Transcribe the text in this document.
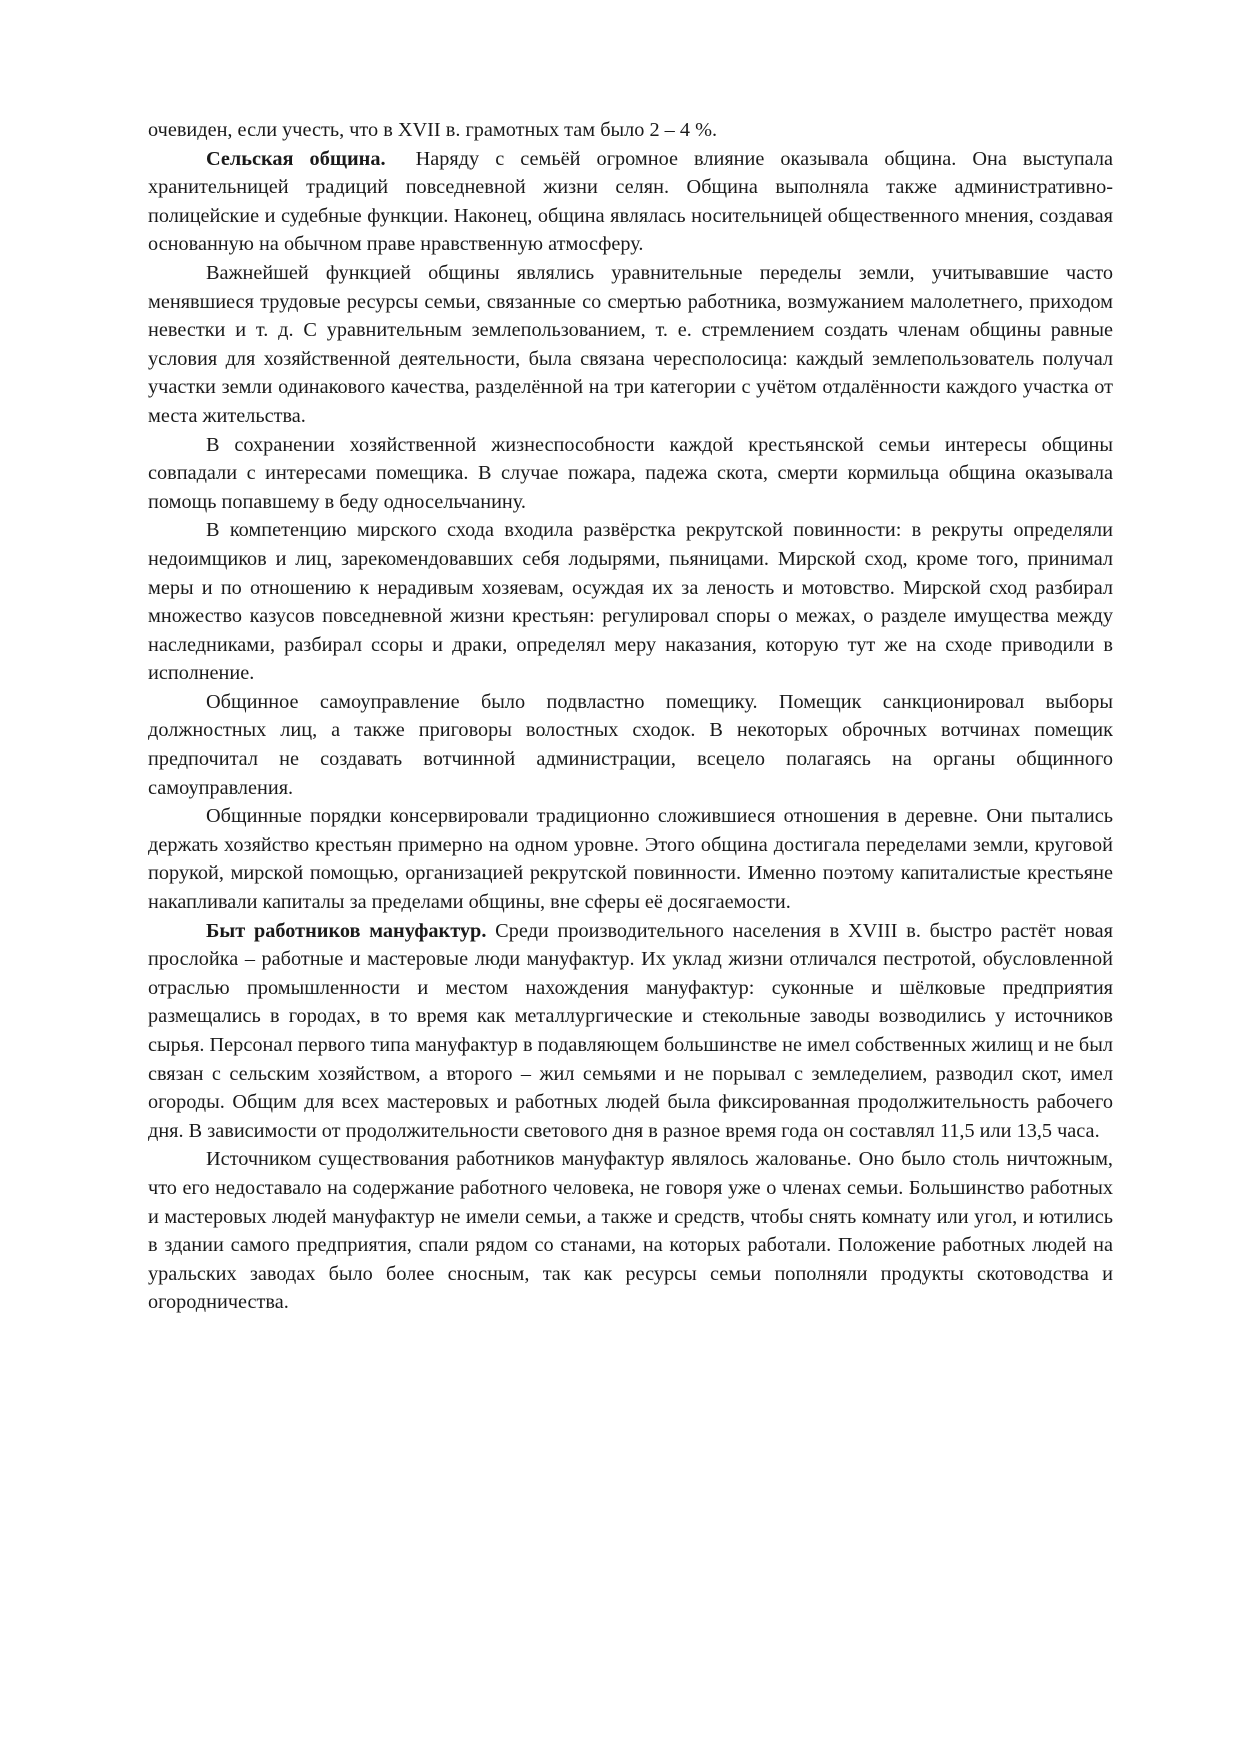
очевиден, если учесть, что в XVII в. грамотных там было 2 – 4 %.

Сельская община. Наряду с семьёй огромное влияние оказывала община. Она выступала хранительницей традиций повседневной жизни селян. Община выполняла также административно-полицейские и судебные функции. Наконец, община являлась носительницей общественного мнения, создавая основанную на обычном праве нравственную атмосферу.

Важнейшей функцией общины являлись уравнительные переделы земли, учитывавшие часто менявшиеся трудовые ресурсы семьи, связанные со смертью работника, возмужанием малолетнего, приходом невестки и т. д. С уравнительным землепользованием, т. е. стремлением создать членам общины равные условия для хозяйственной деятельности, была связана чересполосица: каждый землепользователь получал участки земли одинакового качества, разделённой на три категории с учётом отдалённости каждого участка от места жительства.

В сохранении хозяйственной жизнеспособности каждой крестьянской семьи интересы общины совпадали с интересами помещика. В случае пожара, падежа скота, смерти кормильца община оказывала помощь попавшему в беду односельчанину.

В компетенцию мирского схода входила развёрстка рекрутской повинности: в рекруты определяли недоимщиков и лиц, зарекомендовавших себя лодырями, пьяницами. Мирской сход, кроме того, принимал меры и по отношению к нерадивым хозяевам, осуждая их за леность и мотовство. Мирской сход разбирал множество казусов повседневной жизни крестьян: регулировал споры о межах, о разделе имущества между наследниками, разбирал ссоры и драки, определял меру наказания, которую тут же на сходе приводили в исполнение.

Общинное самоуправление было подвластно помещику. Помещик санкционировал выборы должностных лиц, а также приговоры волостных сходок. В некоторых оброчных вотчинах помещик предпочитал не создавать вотчинной администрации, всецело полагаясь на органы общинного самоуправления.

Общинные порядки консервировали традиционно сложившиеся отношения в деревне. Они пытались держать хозяйство крестьян примерно на одном уровне. Этого община достигала переделами земли, круговой порукой, мирской помощью, организацией рекрутской повинности. Именно поэтому капиталистые крестьяне накапливали капиталы за пределами общины, вне сферы её досягаемости.

Быт работников мануфактур. Среди производительного населения в XVIII в. быстро растёт новая прослойка – работные и мастеровые люди мануфактур. Их уклад жизни отличался пестротой, обусловленной отраслью промышленности и местом нахождения мануфактур: суконные и шёлковые предприятия размещались в городах, в то время как металлургические и стекольные заводы возводились у источников сырья. Персонал первого типа мануфактур в подавляющем большинстве не имел собственных жилищ и не был связан с сельским хозяйством, а второго – жил семьями и не порывал с земледелием, разводил скот, имел огороды. Общим для всех мастеровых и работных людей была фиксированная продолжительность рабочего дня. В зависимости от продолжительности светового дня в разное время года он составлял 11,5 или 13,5 часа.

Источником существования работников мануфактур являлось жалованье. Оно было столь ничтожным, что его недоставало на содержание работного человека, не говоря уже о членах семьи. Большинство работных и мастеровых людей мануфактур не имели семьи, а также и средств, чтобы снять комнату или угол, и ютились в здании самого предприятия, спали рядом со станами, на которых работали. Положение работных людей на уральских заводах было более сносным, так как ресурсы семьи пополняли продукты скотоводства и огородничества.
